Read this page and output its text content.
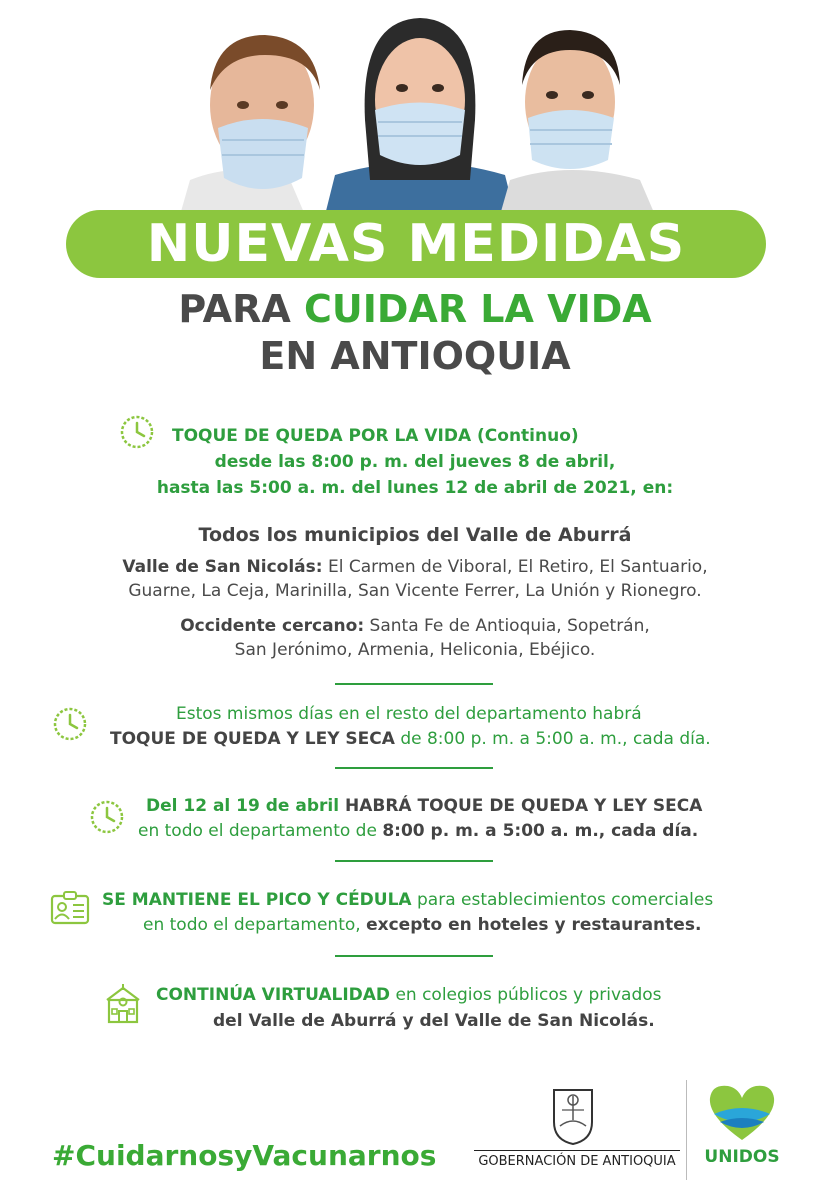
NUEVAS MEDIDAS
PARA CUIDAR LA VIDA
EN ANTIOQUIA
TOQUE DE QUEDA POR LA VIDA (Continuo)
desde las 8:00 p. m. del jueves 8 de abril,
hasta las 5:00 a. m. del lunes 12 de abril de 2021, en:
Todos los municipios del Valle de Aburrá
Valle de San Nicolás: El Carmen de Viboral, El Retiro, El Santuario,
Guarne, La Ceja, Marinilla, San Vicente Ferrer, La Unión y Rionegro.
Occidente cercano: Santa Fe de Antioquia, Sopetrán,
San Jerónimo, Armenia, Heliconia, Ebéjico.
Estos mismos días en el resto del departamento habrá
TOQUE DE QUEDA Y LEY SECA de 8:00 p. m. a 5:00 a. m., cada día.
Del 12 al 19 de abril HABRÁ TOQUE DE QUEDA Y LEY SECA
en todo el departamento de 8:00 p. m. a 5:00 a. m., cada día.
SE MANTIENE EL PICO Y CÉDULA para establecimientos comerciales
en todo el departamento, excepto en hoteles y restaurantes.
CONTINÚA VIRTUALIDAD en colegios públicos y privados
del Valle de Aburrá y del Valle de San Nicolás.
#CuidarnosyVacunarnos	GOBERNACIÓN DE ANTIOQUIA UNIDOS
